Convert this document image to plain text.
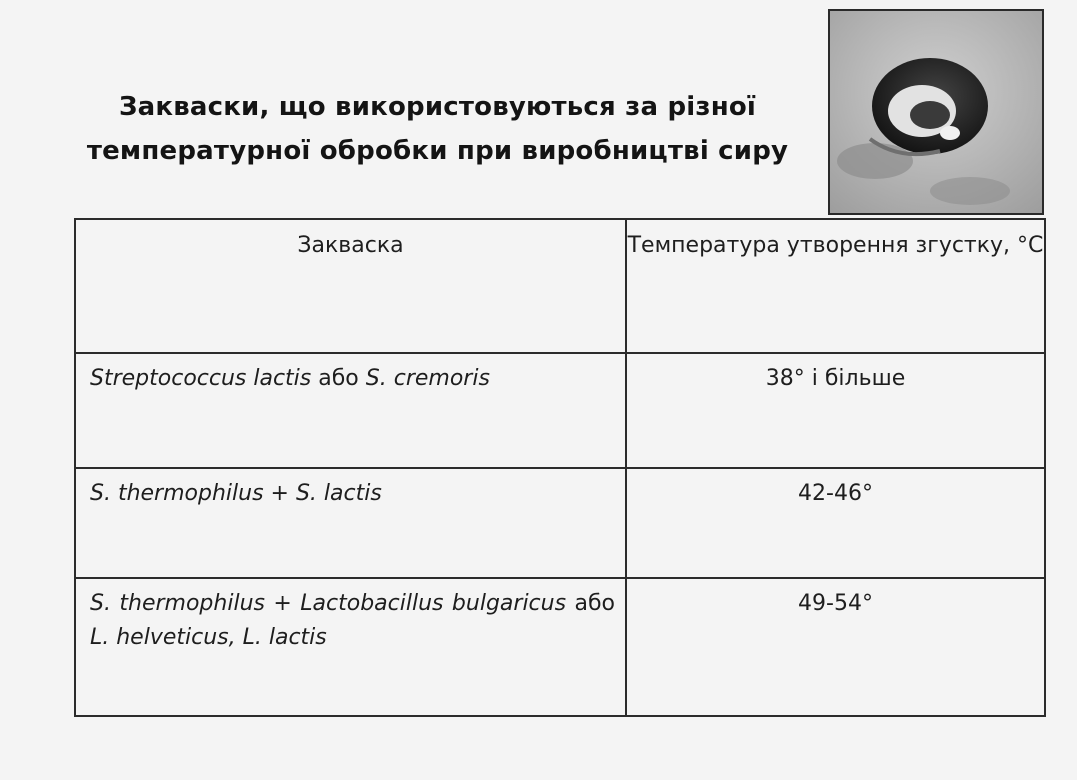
Закваски, що використовуються за різної
температурної обробки при виробництві сиру
Закваска	Температура утворення згустку, °С

Streptococcus lactis або S. cremoris	38° і більше

S. thermophilus + S. lactis	42-46°

S. thermophilus + Lactobacillus bulgaricus або L. helveticus, L. lactis	49-54°
